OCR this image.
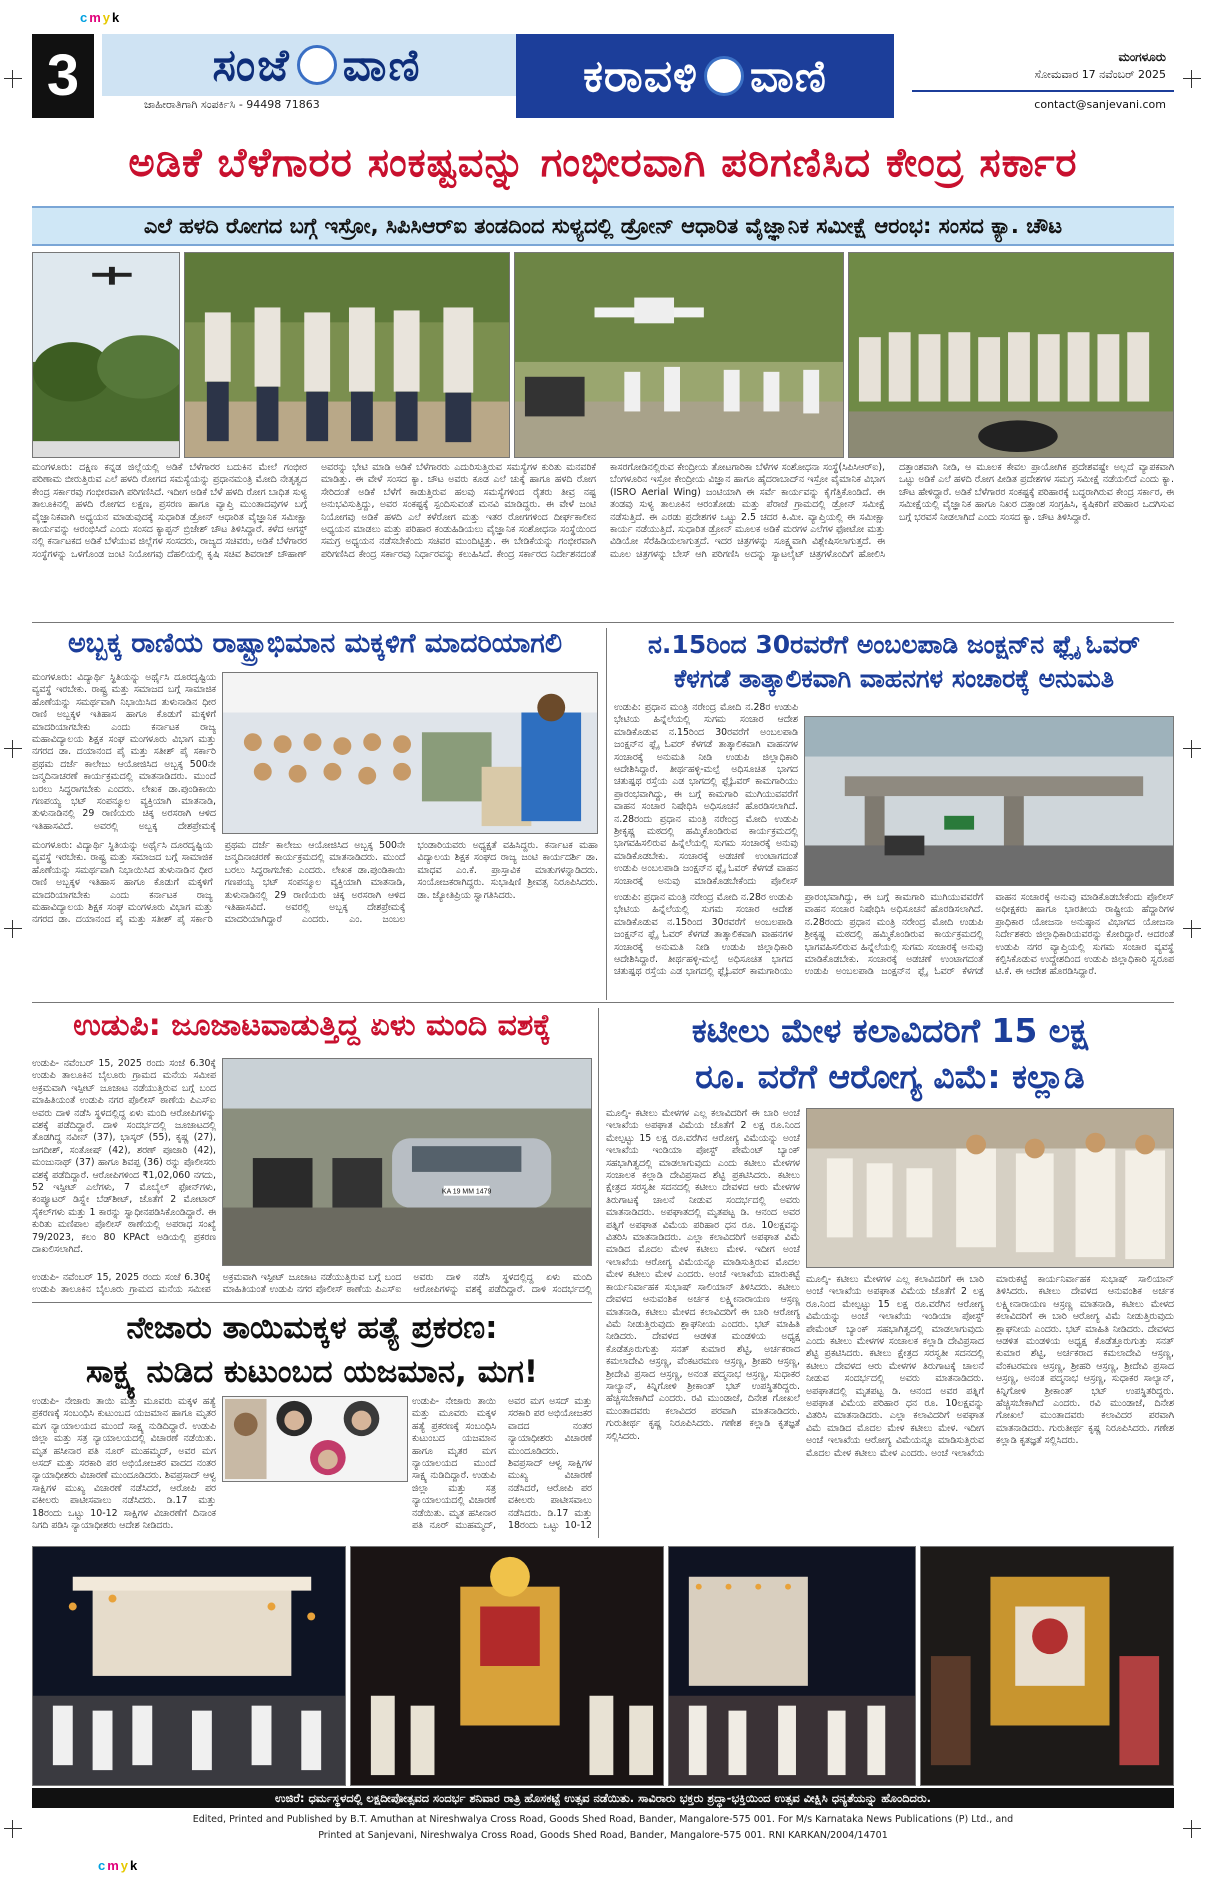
cmyk
cmyk
3	ಸಂಜೆ ವಾಣಿ
ಜಾಹೀರಾತಿಗಾಗಿ ಸಂಪರ್ಕಿಸಿ - 94498 71863
ಕರಾವಳಿ ವಾಣಿ	ಮಂಗಳೂರು
ಸೋಮವಾರ 17 ನವೆಂಬರ್ 2025
contact@sanjevani.com
ಅಡಿಕೆ ಬೆಳೆಗಾರರ ಸಂಕಷ್ಟವನ್ನು ಗಂಭೀರವಾಗಿ ಪರಿಗಣಿಸಿದ ಕೇಂದ್ರ ಸರ್ಕಾರ
ಎಲೆ ಹಳದಿ ರೋಗದ ಬಗ್ಗೆ ಇಸ್ರೋ, ಸಿಪಿಸಿಆರ್‌ಐ ತಂಡದಿಂದ ಸುಳ್ಯದಲ್ಲಿ ಡ್ರೋನ್ ಆಧಾರಿತ ವೈಜ್ಞಾನಿಕ ಸಮೀಕ್ಷೆ ಆರಂಭ: ಸಂಸದ ಕ್ಯಾ. ಚೌಟ
ಮಂಗಳೂರು: ದಕ್ಷಿಣ ಕನ್ನಡ ಜಿಲ್ಲೆಯಲ್ಲಿ ಅಡಿಕೆ ಬೆಳೆಗಾರರ ಬದುಕಿನ ಮೇಲೆ ಗಂಭೀರ ಪರಿಣಾಮ ಬೀರುತ್ತಿರುವ ಎಲೆ ಹಳದಿ ರೋಗದ ಸಮಸ್ಯೆಯನ್ನು ಪ್ರಧಾನಮಂತ್ರಿ ಮೋದಿ ನೇತೃತ್ವದ ಕೇಂದ್ರ ಸರ್ಕಾರವು ಗಂಭೀರವಾಗಿ ಪರಿಗಣಿಸಿದೆ. ಇದೀಗ ಅಡಿಕೆ ಬೆಳೆ ಹಳದಿ ರೋಗ ಬಾಧಿತ ಸುಳ್ಯ ತಾಲೂಕಿನಲ್ಲಿ ಹಳದಿ ರೋಗದ ಲಕ್ಷಣ, ಪ್ರಸರಣ ಹಾಗೂ ವ್ಯಾಪ್ತಿ ಮುಂತಾದವುಗಳ ಬಗ್ಗೆ ವೈಜ್ಞಾನಿಕವಾಗಿ ಅಧ್ಯಯನ ಮಾಡುವುದಕ್ಕೆ ಸುಧಾರಿತ ಡ್ರೋನ್ ಆಧಾರಿತ ವೈಜ್ಞಾನಿಕ ಸಮೀಕ್ಷಾ ಕಾರ್ಯವನ್ನು ಆರಂಭಿಸಿದೆ ಎಂದು ಸಂಸದ ಕ್ಯಾಪ್ಟನ್ ಬ್ರಿಜೇಶ್ ಚೌಟ ತಿಳಿಸಿದ್ದಾರೆ. ಕಳೆದ ಆಗಸ್ಟ್ ನಲ್ಲಿ ಕರ್ನಾಟಕದ ಅಡಿಕೆ ಬೆಳೆಯುವ ಜಿಲ್ಲೆಗಳ ಸಂಸದರು, ರಾಜ್ಯದ ಸಚಿವರು, ಅಡಿಕೆ ಬೆಳೆಗಾರರ ಸಂಸ್ಥೆಗಳನ್ನು ಒಳಗೊಂಡ ಜಂಟಿ ನಿಯೋಗವು ದೆಹಲಿಯಲ್ಲಿ ಕೃಷಿ ಸಚಿವ ಶಿವರಾಜ್ ಚೌಹಾಣ್ ಅವರನ್ನು ಭೇಟಿ ಮಾಡಿ ಅಡಿಕೆ ಬೆಳೆಗಾರರು ಎದುರಿಸುತ್ತಿರುವ ಸಮಸ್ಯೆಗಳ ಕುರಿತು ಮನವರಿಕೆ ಮಾಡಿತ್ತು. ಈ ವೇಳೆ ಸಂಸದ ಕ್ಯಾ. ಚೌಟ ಅವರು ಕೂಡ ಎಲೆ ಚುಕ್ಕೆ ಹಾಗೂ ಹಳದಿ ರೋಗ ಸೇರಿದಂತೆ ಅಡಿಕೆ ಬೆಳೆಗೆ ಕಾಡುತ್ತಿರುವ ಹಲವು ಸಮಸ್ಯೆಗಳಿಂದ ರೈತರು ತೀವ್ರ ನಷ್ಟ ಅನುಭವಿಸುತ್ತಿದ್ದು, ಅವರ ಸಂಕಷ್ಟಕ್ಕೆ ಸ್ಪಂದಿಸುವಂತೆ ಮನವಿ ಮಾಡಿದ್ದರು. ಈ ವೇಳೆ ಜಂಟಿ ನಿಯೋಗವು ಅಡಿಕೆ ಹಳದಿ ಎಲೆ ಕಳೆರೋಗ ಮತ್ತು ಇತರ ರೋಗಗಳಿಂದ ದೀರ್ಘಕಾಲೀನ ಅಧ್ಯಯನ ಮಾಡಲು ಮತ್ತು ಪರಿಹಾರ ಕಂಡುಹಿಡಿಯಲು ವೈಜ್ಞಾನಿಕ ಸಂಶೋಧನಾ ಸಂಸ್ಥೆಯಿಂದ ಸಮಗ್ರ ಅಧ್ಯಯನ ನಡೆಸಬೇಕೆಂದು ಸಚಿವರ ಮುಂದಿಟ್ಟಿತ್ತು. ಈ ಬೇಡಿಕೆಯನ್ನು ಗಂಭೀರವಾಗಿ ಪರಿಗಣಿಸಿದ ಕೇಂದ್ರ ಸರ್ಕಾರವು ನಿರ್ಧಾರವನ್ನು ಕಲುಹಿಸಿದೆ. ಕೇಂದ್ರ ಸರ್ಕಾರದ ನಿರ್ದೇಶನದಂತೆ ಕಾಸರಗೋಡಿನಲ್ಲಿರುವ ಕೇಂದ್ರೀಯ ತೋಟಗಾರಿಕಾ ಬೆಳೆಗಳ ಸಂಶೋಧನಾ ಸಂಸ್ಥೆ(ಸಿಪಿಸಿಆರ್‌ಐ), ಬೆಂಗಳೂರಿನ ಇಸ್ರೋ ಕೇಂದ್ರೀಯ ವಿಜ್ಞಾನ ಹಾಗೂ ಹೈದರಾಬಾದ್‌ನ ಇಸ್ರೋ ವೈಮಾನಿಕ ವಿಭಾಗ (ISRO Aerial Wing) ಜಂಟಿಯಾಗಿ ಈ ಸರ್ವೆ ಕಾರ್ಯವನ್ನು ಕೈಗೆತ್ತಿಕೊಂಡಿದೆ. ಈ ತಂಡವು ಸುಳ್ಯ ತಾಲೂಕಿನ ಆರಂತೋಡು ಮತ್ತು ಪೆರಾಜೆ ಗ್ರಾಮದಲ್ಲಿ ಡ್ರೋನ್ ಸಮೀಕ್ಷೆ ನಡೆಸುತ್ತಿದೆ. ಈ ಎರಡು ಪ್ರದೇಶಗಳ ಒಟ್ಟು 2.5 ಚದರ ಕಿ.ಮೀ. ವ್ಯಾಪ್ತಿಯಲ್ಲಿ ಈ ಸಮೀಕ್ಷಾ ಕಾರ್ಯ ನಡೆಯುತ್ತಿದೆ. ಸುಧಾರಿತ ಡ್ರೋನ್ ಮೂಲಕ ಅಡಿಕೆ ಮರಗಳ ಎಲೆಗಳ ಫೋಟೋ ಮತ್ತು ವಿಡಿಯೋ ಸೆರೆಹಿಡಿಯಲಾಗುತ್ತದೆ. ಇದರ ಚಿತ್ರಗಳನ್ನು ಸೂಕ್ಷ್ಮವಾಗಿ ವಿಶ್ಲೇಷಿಸಲಾಗುತ್ತದೆ. ಈ ಮೂಲ ಚಿತ್ರಗಳನ್ನು ಬೇಸ್ ಆಗಿ ಪರಿಗಣಿಸಿ ಅದನ್ನು ಸ್ಯಾಟಲೈಟ್ ಚಿತ್ರಗಳೊಂದಿಗೆ ಹೋಲಿಸಿ ದತ್ತಾಂಶವಾಗಿ ನೀಡಿ, ಆ ಮೂಲಕ ಕೇವಲ ಪ್ರಾಯೋಗಿಕ ಪ್ರದೇಶವಷ್ಟೇ ಅಲ್ಲದೆ ವ್ಯಾಪಕವಾಗಿ ಒಟ್ಟು ಅಡಿಕೆ ಎಲೆ ಹಳದಿ ರೋಗ ಪೀಡಿತ ಪ್ರದೇಶಗಳ ಸಮಗ್ರ ಸಮೀಕ್ಷೆ ನಡೆಯಲಿದೆ ಎಂದು ಕ್ಯಾ. ಚೌಟ ಹೇಳಿದ್ದಾರೆ. ಅಡಿಕೆ ಬೆಳೆಗಾರರ ಸಂಕಷ್ಟಕ್ಕೆ ಪರಿಹಾರಕ್ಕೆ ಬದ್ಧರಾಗಿರುವ ಕೇಂದ್ರ ಸರ್ಕಾರ, ಈ ಸಮೀಕ್ಷೆಯಲ್ಲಿ ವೈಜ್ಞಾನಿಕ ಹಾಗೂ ನಿಖರ ದತ್ತಾಂಶ ಸಂಗ್ರಹಿಸಿ, ಕೃಷಿಕರಿಗೆ ಪರಿಹಾರ ಒದಗಿಸುವ ಬಗ್ಗೆ ಭರವಸೆ ನೀಡಲಾಗಿದೆ ಎಂದು ಸಂಸದ ಕ್ಯಾ. ಚೌಟ ತಿಳಿಸಿದ್ದಾರೆ.
ಅಬ್ಬಕ್ಕ ರಾಣಿಯ ರಾಷ್ಟ್ರಾಭಿಮಾನ ಮಕ್ಕಳಿಗೆ ಮಾದರಿಯಾಗಲಿ
ಮಂಗಳೂರು: ವಿದ್ಯಾರ್ಥಿ ಸ್ಥಿತಿಯನ್ನು ಅರ್ಥೈಸಿ ದೂರದೃಷ್ಟಿಯ ವ್ಯವಸ್ಥೆ ಇರಬೇಕು. ರಾಷ್ಟ್ರ ಮತ್ತು ಸಮಾಜದ ಬಗ್ಗೆ ಸಾಮಾಜಿಕ ಹೊಣೆಯನ್ನು ಸಮರ್ಥವಾಗಿ ನಿಭಾಯಿಸಿದ ತುಳುನಾಡಿನ ಧೀರ ರಾಣಿ ಅಬ್ಬಕ್ಕಳ ಇತಿಹಾಸ ಹಾಗೂ ಕೊಡುಗೆ ಮಕ್ಕಳಿಗೆ ಮಾದರಿಯಾಗಬೇಕು ಎಂದು ಕರ್ನಾಟಕ ರಾಜ್ಯ ಮಹಾವಿದ್ಯಾಲಯ ಶಿಕ್ಷಕ ಸಂಘ ಮಂಗಳೂರು ವಿಭಾಗ ಮತ್ತು ನಗರದ ಡಾ. ದಯಾನಂದ ಪೈ ಮತ್ತು ಸತೀಶ್ ಪೈ ಸರ್ಕಾರಿ ಪ್ರಥಮ ದರ್ಜೆ ಕಾಲೇಜು ಆಯೋಜಿಸಿದ ಅಬ್ಬಕ್ಕ 500ನೇ ಜನ್ಮದಿನಾಚರಣೆ ಕಾರ್ಯಕ್ರಮದಲ್ಲಿ ಮಾತನಾಡಿದರು. ಮುಂದೆ ಬರಲು ಸಿದ್ಧರಾಗಬೇಕು ಎಂದರು. ಲೇಖಕ ಡಾ.ಪುಂಡಿಕಾಯಿ ಗಣಪಯ್ಯ ಭಟ್ ಸಂಪನ್ಮೂಲ ವ್ಯಕ್ತಿಯಾಗಿ ಮಾತನಾಡಿ, ತುಳುನಾಡಿನಲ್ಲಿ 29 ರಾಣಿಯರು ಚಿಕ್ಕ ಅರಸರಾಗಿ ಆಳಿದ ಇತಿಹಾಸವಿದೆ. ಅವರಲ್ಲಿ ಅಬ್ಬಕ್ಕ ದೇಶಪ್ರೇಮಕ್ಕೆ
ಮಂಗಳೂರು: ವಿದ್ಯಾರ್ಥಿ ಸ್ಥಿತಿಯನ್ನು ಅರ್ಥೈಸಿ ದೂರದೃಷ್ಟಿಯ ವ್ಯವಸ್ಥೆ ಇರಬೇಕು. ರಾಷ್ಟ್ರ ಮತ್ತು ಸಮಾಜದ ಬಗ್ಗೆ ಸಾಮಾಜಿಕ ಹೊಣೆಯನ್ನು ಸಮರ್ಥವಾಗಿ ನಿಭಾಯಿಸಿದ ತುಳುನಾಡಿನ ಧೀರ ರಾಣಿ ಅಬ್ಬಕ್ಕಳ ಇತಿಹಾಸ ಹಾಗೂ ಕೊಡುಗೆ ಮಕ್ಕಳಿಗೆ ಮಾದರಿಯಾಗಬೇಕು ಎಂದು ಕರ್ನಾಟಕ ರಾಜ್ಯ ಮಹಾವಿದ್ಯಾಲಯ ಶಿಕ್ಷಕ ಸಂಘ ಮಂಗಳೂರು ವಿಭಾಗ ಮತ್ತು ನಗರದ ಡಾ. ದಯಾನಂದ ಪೈ ಮತ್ತು ಸತೀಶ್ ಪೈ ಸರ್ಕಾರಿ ಪ್ರಥಮ ದರ್ಜೆ ಕಾಲೇಜು ಆಯೋಜಿಸಿದ ಅಬ್ಬಕ್ಕ 500ನೇ ಜನ್ಮದಿನಾಚರಣೆ ಕಾರ್ಯಕ್ರಮದಲ್ಲಿ ಮಾತನಾಡಿದರು. ಮುಂದೆ ಬರಲು ಸಿದ್ಧರಾಗಬೇಕು ಎಂದರು. ಲೇಖಕ ಡಾ.ಪುಂಡಿಕಾಯಿ ಗಣಪಯ್ಯ ಭಟ್ ಸಂಪನ್ಮೂಲ ವ್ಯಕ್ತಿಯಾಗಿ ಮಾತನಾಡಿ, ತುಳುನಾಡಿನಲ್ಲಿ 29 ರಾಣಿಯರು ಚಿಕ್ಕ ಅರಸರಾಗಿ ಆಳಿದ ಇತಿಹಾಸವಿದೆ. ಅವರಲ್ಲಿ ಅಬ್ಬಕ್ಕ ದೇಶಪ್ರೇಮಕ್ಕೆ ಮಾದರಿಯಾಗಿದ್ದಾರೆ ಎಂದರು. ಎಂ. ಜಂಬಲ ಭಂಡಾರಿಯವರು ಅಧ್ಯಕ್ಷತೆ ವಹಿಸಿದ್ದರು. ಕರ್ನಾಟಕ ಮಹಾ ವಿದ್ಯಾಲಯ ಶಿಕ್ಷಕ ಸಂಘದ ರಾಜ್ಯ ಜಂಟಿ ಕಾರ್ಯದರ್ಶಿ ಡಾ. ಮಾಧವ ಎಂ.ಕೆ. ಪ್ರಾಸ್ತಾವಿಕ ಮಾತುಗಳನ್ನಾಡಿದರು. ಸಂಯೋಜಕರಾಗಿದ್ದರು. ಸುಭಾಷಿಣಿ ಶ್ರೀವತ್ಸ ನಿರೂಪಿಸಿದರು. ಡಾ. ಜ್ಯೋತಿಪ್ರಿಯ ಸ್ವಾಗತಿಸಿದರು.
ನ.15ರಿಂದ 30ರವರೆಗೆ ಅಂಬಲಪಾಡಿ ಜಂಕ್ಷನ್‌ನ ಫ್ಲೈ ಓವರ್
ಕೆಳಗಡೆ ತಾತ್ಕಾಲಿಕವಾಗಿ ವಾಹನಗಳ ಸಂಚಾರಕ್ಕೆ ಅನುಮತಿ
ಉಡುಪಿ: ಪ್ರಧಾನ ಮಂತ್ರಿ ನರೇಂದ್ರ ಮೋದಿ ನ.28ರ ಉಡುಪಿ ಭೇಟಿಯ ಹಿನ್ನೆಲೆಯಲ್ಲಿ ಸುಗಮ ಸಂಚಾರ ಆದೇಶ ಮಾಡಿಕೊಡುವ ನ.15ರಿಂದ 30ರವರೆಗೆ ಅಂಬಲಪಾಡಿ ಜಂಕ್ಷನ್‌ನ ಫ್ಲೈ ಓವರ್ ಕೆಳಗಡೆ ತಾತ್ಕಾಲಿಕವಾಗಿ ವಾಹನಗಳ ಸಂಚಾರಕ್ಕೆ ಅನುಮತಿ ನೀಡಿ ಉಡುಪಿ ಜಿಲ್ಲಾಧಿಕಾರಿ ಆದೇಶಿಸಿದ್ದಾರೆ. ತೀರ್ಥಹಳ್ಳಿ-ಮಲ್ಪೆ ಅಧಿಸೂಚಿತ ಭಾಗದ ಚತುಷ್ಪಥ ರಸ್ತೆಯ ಎಡ ಭಾಗದಲ್ಲಿ ಫ್ಲೈಓವರ್ ಕಾಮಗಾರಿಯು ಪ್ರಾರಂಭವಾಗಿದ್ದು, ಈ ಬಗ್ಗೆ ಕಾಮಗಾರಿ ಮುಗಿಯುವವರೆಗೆ ವಾಹನ ಸಂಚಾರ ನಿಷೇಧಿಸಿ ಅಧಿಸೂಚನೆ ಹೊರಡಿಸಲಾಗಿದೆ. ನ.28ರಂದು ಪ್ರಧಾನ ಮಂತ್ರಿ ನರೇಂದ್ರ ಮೋದಿ ಉಡುಪಿ ಶ್ರೀಕೃಷ್ಣ ಮಠದಲ್ಲಿ ಹಮ್ಮಿಕೊಂಡಿರುವ ಕಾರ್ಯಕ್ರಮದಲ್ಲಿ ಭಾಗವಹಿಸಲಿರುವ ಹಿನ್ನೆಲೆಯಲ್ಲಿ ಸುಗಮ ಸಂಚಾರಕ್ಕೆ ಅನುವು ಮಾಡಿಕೊಡಬೇಕು. ಸಂಚಾರಕ್ಕೆ ಅಡಚಣೆ ಉಂಟಾಗದಂತೆ ಉಡುಪಿ ಅಂಬಲಪಾಡಿ ಜಂಕ್ಷನ್‌ನ ಫ್ಲೈ ಓವರ್ ಕೆಳಗಡೆ ವಾಹನ ಸಂಚಾರಕ್ಕೆ ಅನುವು ಮಾಡಿಕೊಡಬೇಕೆಂದು ಪೊಲೀಸ್
ಉಡುಪಿ: ಪ್ರಧಾನ ಮಂತ್ರಿ ನರೇಂದ್ರ ಮೋದಿ ನ.28ರ ಉಡುಪಿ ಭೇಟಿಯ ಹಿನ್ನೆಲೆಯಲ್ಲಿ ಸುಗಮ ಸಂಚಾರ ಆದೇಶ ಮಾಡಿಕೊಡುವ ನ.15ರಿಂದ 30ರವರೆಗೆ ಅಂಬಲಪಾಡಿ ಜಂಕ್ಷನ್‌ನ ಫ್ಲೈ ಓವರ್ ಕೆಳಗಡೆ ತಾತ್ಕಾಲಿಕವಾಗಿ ವಾಹನಗಳ ಸಂಚಾರಕ್ಕೆ ಅನುಮತಿ ನೀಡಿ ಉಡುಪಿ ಜಿಲ್ಲಾಧಿಕಾರಿ ಆದೇಶಿಸಿದ್ದಾರೆ. ತೀರ್ಥಹಳ್ಳಿ-ಮಲ್ಪೆ ಅಧಿಸೂಚಿತ ಭಾಗದ ಚತುಷ್ಪಥ ರಸ್ತೆಯ ಎಡ ಭಾಗದಲ್ಲಿ ಫ್ಲೈಓವರ್ ಕಾಮಗಾರಿಯು ಪ್ರಾರಂಭವಾಗಿದ್ದು, ಈ ಬಗ್ಗೆ ಕಾಮಗಾರಿ ಮುಗಿಯುವವರೆಗೆ ವಾಹನ ಸಂಚಾರ ನಿಷೇಧಿಸಿ ಅಧಿಸೂಚನೆ ಹೊರಡಿಸಲಾಗಿದೆ. ನ.28ರಂದು ಪ್ರಧಾನ ಮಂತ್ರಿ ನರೇಂದ್ರ ಮೋದಿ ಉಡುಪಿ ಶ್ರೀಕೃಷ್ಣ ಮಠದಲ್ಲಿ ಹಮ್ಮಿಕೊಂಡಿರುವ ಕಾರ್ಯಕ್ರಮದಲ್ಲಿ ಭಾಗವಹಿಸಲಿರುವ ಹಿನ್ನೆಲೆಯಲ್ಲಿ ಸುಗಮ ಸಂಚಾರಕ್ಕೆ ಅನುವು ಮಾಡಿಕೊಡಬೇಕು. ಸಂಚಾರಕ್ಕೆ ಅಡಚಣೆ ಉಂಟಾಗದಂತೆ ಉಡುಪಿ ಅಂಬಲಪಾಡಿ ಜಂಕ್ಷನ್‌ನ ಫ್ಲೈ ಓವರ್ ಕೆಳಗಡೆ ವಾಹನ ಸಂಚಾರಕ್ಕೆ ಅನುವು ಮಾಡಿಕೊಡಬೇಕೆಂದು ಪೊಲೀಸ್ ಅಧೀಕ್ಷಕರು ಹಾಗೂ ಭಾರತೀಯ ರಾಷ್ಟ್ರೀಯ ಹೆದ್ದಾರಿಗಳ ಪ್ರಾಧಿಕಾರ ಯೋಜನಾ ಅನುಷ್ಠಾನ ವಿಭಾಗದ ಯೋಜನಾ ನಿರ್ದೇಶಕರು ಜಿಲ್ಲಾಧಿಕಾರಿಯವರನ್ನು ಕೋರಿದ್ದಾರೆ. ಆದರಂತೆ ಉಡುಪಿ ನಗರ ವ್ಯಾಪ್ತಿಯಲ್ಲಿ ಸುಗಮ ಸಂಚಾರ ವ್ಯವಸ್ಥೆ ಕಲ್ಪಿಸಿಕೊಡುವ ಉದ್ದೇಶದಿಂದ ಉಡುಪಿ ಜಿಲ್ಲಾಧಿಕಾರಿ ಸ್ವರೂಪ ಟಿ.ಕೆ. ಈ ಆದೇಶ ಹೊರಡಿಸಿದ್ದಾರೆ.
ಉಡುಪಿ: ಜೂಜಾಟವಾಡುತ್ತಿದ್ದ ಏಳು ಮಂದಿ ವಶಕ್ಕೆ
ಉಡುಪಿ- ನವೆಂಬರ್ 15, 2025 ರಂದು ಸಂಜೆ 6.30ಕ್ಕೆ ಉಡುಪಿ ತಾಲೂಕಿನ ಬೈಲೂರು ಗ್ರಾಮದ ಮನೆಯ ಸಮೀಪ ಅಕ್ರಮವಾಗಿ ಇಸ್ಪೀಟ್ ಜೂಜಾಟ ನಡೆಯುತ್ತಿರುವ ಬಗ್ಗೆ ಬಂದ ಮಾಹಿತಿಯಂತೆ ಉಡುಪಿ ನಗರ ಪೊಲೀಸ್ ಠಾಣೆಯ ಪಿಎಸ್‌ಐ ಅವರು ದಾಳಿ ನಡೆಸಿ ಸ್ಥಳದಲ್ಲಿದ್ದ ಏಳು ಮಂದಿ ಆರೋಪಿಗಳನ್ನು ವಶಕ್ಕೆ ಪಡೆದಿದ್ದಾರೆ. ದಾಳಿ ಸಂದರ್ಭದಲ್ಲಿ ಜೂಜಾಟದಲ್ಲಿ ತೊಡಗಿದ್ದ ನವೀನ್ (37), ಭಾಸ್ಕರ್ (55), ಕೃಷ್ಣ (27), ಜಗದೀಶ್, ಸಂತೋಷ್ (42), ಶರಣ್ ಪೂಜಾರಿ (42), ಮಂಜುನಾಥ್ (37) ಹಾಗೂ ಶಿವಪ್ಪ (36) ರನ್ನು ಪೊಲೀಸರು ವಶಕ್ಕೆ ಪಡೆದಿದ್ದಾರೆ. ಆರೋಪಿಗಳಿಂದ ₹1,02,060 ನಗದು, 52 ಇಸ್ಪೀಟ್ ಎಲೆಗಳು, 7 ಮೊಬೈಲ್ ಫೋನ್‌ಗಳು, ಕಂಪ್ಯೂಟರ್ ಡಿಸ್ಪ್ಲೇ ಬೆಡ್‌ಶೀಟ್, ಜೊತೆಗೆ 2 ಮೋಟಾರ್ ಸೈಕಲ್‌ಗಳು ಮತ್ತು 1 ಕಾರನ್ನು ಸ್ವಾಧೀನಪಡಿಸಿಕೊಂಡಿದ್ದಾರೆ. ಈ ಕುರಿತು ಮಣಿಪಾಲ ಪೊಲೀಸ್ ಠಾಣೆಯಲ್ಲಿ ಅಪರಾಧ ಸಂಖ್ಯೆ 79/2023, ಕಲಂ 80 KPAct ಅಡಿಯಲ್ಲಿ ಪ್ರಕರಣ ದಾಖಲಿಸಲಾಗಿದೆ.
KA 19 MM 1479
ಉಡುಪಿ- ನವೆಂಬರ್ 15, 2025 ರಂದು ಸಂಜೆ 6.30ಕ್ಕೆ ಉಡುಪಿ ತಾಲೂಕಿನ ಬೈಲೂರು ಗ್ರಾಮದ ಮನೆಯ ಸಮೀಪ ಅಕ್ರಮವಾಗಿ ಇಸ್ಪೀಟ್ ಜೂಜಾಟ ನಡೆಯುತ್ತಿರುವ ಬಗ್ಗೆ ಬಂದ ಮಾಹಿತಿಯಂತೆ ಉಡುಪಿ ನಗರ ಪೊಲೀಸ್ ಠಾಣೆಯ ಪಿಎಸ್‌ಐ ಅವರು ದಾಳಿ ನಡೆಸಿ ಸ್ಥಳದಲ್ಲಿದ್ದ ಏಳು ಮಂದಿ ಆರೋಪಿಗಳನ್ನು ವಶಕ್ಕೆ ಪಡೆದಿದ್ದಾರೆ. ದಾಳಿ ಸಂದರ್ಭದಲ್ಲಿ
ಕಟೀಲು ಮೇಳ ಕಲಾವಿದರಿಗೆ 15 ಲಕ್ಷ
ರೂ. ವರೆಗೆ ಆರೋಗ್ಯ ವಿಮೆ: ಕಲ್ಲಾಡಿ
ಮೂಲ್ಕಿ- ಕಟೀಲು ಮೇಳಗಳ ಎಲ್ಲ ಕಲಾವಿದರಿಗೆ ಈ ಬಾರಿ ಅಂಚೆ ಇಲಾಖೆಯ ಅಪಘಾತ ವಿಮೆಯ ಜೊತೆಗೆ 2 ಲಕ್ಷ ರೂ.ನಿಂದ ಮೇಲ್ಪಟ್ಟು 15 ಲಕ್ಷ ರೂ.ವರೆಗಿನ ಆರೋಗ್ಯ ವಿಮೆಯನ್ನು ಅಂಚೆ ಇಲಾಖೆಯ ಇಂಡಿಯಾ ಪೋಸ್ಟ್ ಪೇಮೆಂಟ್ ಬ್ಯಾಂಕ್ ಸಹಭಾಗಿತ್ವದಲ್ಲಿ ಮಾಡಲಾಗುವುದು ಎಂದು ಕಟೀಲು ಮೇಳಗಳ ಸಂಚಾಲಕ ಕಲ್ಲಾಡಿ ದೇವಿಪ್ರಸಾದ ಶೆಟ್ಟಿ ಪ್ರಕಟಿಸಿದರು. ಕಟೀಲು ಕ್ಷೇತ್ರದ ಸರಸ್ವತೀ ಸದನದಲ್ಲಿ ಕಟೀಲು ದೇವಳದ ಆರು ಮೇಳಗಳ ತಿರುಗಾಟಕ್ಕೆ ಚಾಲನೆ ನೀಡುವ ಸಂದರ್ಭದಲ್ಲಿ ಅವರು ಮಾತನಾಡಿದರು. ಅಪಘಾತದಲ್ಲಿ ಮೃತಪಟ್ಟ ಡಿ. ಆನಂದ ಅವರ ಪತ್ನಿಗೆ ಅಪಘಾತ ವಿಮೆಯ ಪರಿಹಾರ ಧನ ರೂ. 10ಲಕ್ಷವನ್ನು ವಿತರಿಸಿ ಮಾತನಾಡಿದರು. ಎಲ್ಲಾ ಕಲಾವಿದರಿಗೆ ಅಪಘಾತ ವಿಮೆ ಮಾಡಿದ ಮೊದಲ ಮೇಳ ಕಟೀಲು ಮೇಳ. ಇದೀಗ ಅಂಚೆ ಇಲಾಖೆಯ ಆರೋಗ್ಯ ವಿಮೆಯನ್ನೂ ಮಾಡಿಸುತ್ತಿರುವ ಮೊದಲ ಮೇಳ ಕಟೀಲು ಮೇಳ ಎಂದರು. ಅಂಚೆ ಇಲಾಖೆಯ ಮಾರುಕಟ್ಟೆ ಕಾರ್ಯನಿರ್ವಾಹಕ ಸುಭಾಷ್ ಸಾಲಿಯಾನ್ ತಿಳಿಸಿದರು. ಕಟೀಲು ದೇವಳದ ಆನುವಂಶಿಕ ಅರ್ಚಕ ಲಕ್ಷ್ಮೀನಾರಾಯಣ ಆಸ್ರಣ್ಣ ಮಾತನಾಡಿ, ಕಟೀಲು ಮೇಳದ ಕಲಾವಿದರಿಗೆ ಈ ಬಾರಿ ಆರೋಗ್ಯ ವಿಮೆ ನೀಡುತ್ತಿರುವುದು ಶ್ಲಾಘನೀಯ ಎಂದರು. ಭಟ್ ಮಾಹಿತಿ ನೀಡಿದರು. ದೇವಳದ ಆಡಳಿತ ಮಂಡಳಿಯ ಅಧ್ಯಕ್ಷ ಕೊಡೆತ್ತೂರುಗುತ್ತು ಸನತ್ ಕುಮಾರ ಶೆಟ್ಟಿ, ಅರ್ಚಕರಾದ ಕಮಲಾದೇವಿ ಆಸ್ರಣ್ಣ, ವೆಂಕಟರಮಣ ಆಸ್ರಣ್ಣ, ಶ್ರೀಹರಿ ಆಸ್ರಣ್ಣ, ಶ್ರೀದೇವಿ ಪ್ರಸಾದ ಆಸ್ರಣ್ಣ, ಅನಂತ ಪದ್ಮನಾಭ ಆಸ್ರಣ್ಣ, ಸುಧಾಕರ ಸಾಲ್ಯಾನ್, ಕಿನ್ನಿಗೋಳಿ ಶ್ರೀಕಾಂತ್ ಭಟ್ ಉಪಸ್ಥಿತರಿದ್ದರು. ಹೆಚ್ಚಿಸಬೇಕಾಗಿದೆ ಎಂದರು. ರವಿ ಮುಂಡಾಜೆ, ದಿನೇಶ ಗೋಖಲೆ ಮುಂತಾದವರು ಕಲಾವಿದರ ಪರವಾಗಿ ಮಾತನಾಡಿದರು. ಗುರುತೀರ್ಥ ಕೃಷ್ಣ ನಿರೂಪಿಸಿದರು. ಗಣೇಶ ಕಲ್ಲಾಡಿ ಕೃತಜ್ಞತೆ ಸಲ್ಲಿಸಿದರು.
ಮೂಲ್ಕಿ- ಕಟೀಲು ಮೇಳಗಳ ಎಲ್ಲ ಕಲಾವಿದರಿಗೆ ಈ ಬಾರಿ ಅಂಚೆ ಇಲಾಖೆಯ ಅಪಘಾತ ವಿಮೆಯ ಜೊತೆಗೆ 2 ಲಕ್ಷ ರೂ.ನಿಂದ ಮೇಲ್ಪಟ್ಟು 15 ಲಕ್ಷ ರೂ.ವರೆಗಿನ ಆರೋಗ್ಯ ವಿಮೆಯನ್ನು ಅಂಚೆ ಇಲಾಖೆಯ ಇಂಡಿಯಾ ಪೋಸ್ಟ್ ಪೇಮೆಂಟ್ ಬ್ಯಾಂಕ್ ಸಹಭಾಗಿತ್ವದಲ್ಲಿ ಮಾಡಲಾಗುವುದು ಎಂದು ಕಟೀಲು ಮೇಳಗಳ ಸಂಚಾಲಕ ಕಲ್ಲಾಡಿ ದೇವಿಪ್ರಸಾದ ಶೆಟ್ಟಿ ಪ್ರಕಟಿಸಿದರು. ಕಟೀಲು ಕ್ಷೇತ್ರದ ಸರಸ್ವತೀ ಸದನದಲ್ಲಿ ಕಟೀಲು ದೇವಳದ ಆರು ಮೇಳಗಳ ತಿರುಗಾಟಕ್ಕೆ ಚಾಲನೆ ನೀಡುವ ಸಂದರ್ಭದಲ್ಲಿ ಅವರು ಮಾತನಾಡಿದರು. ಅಪಘಾತದಲ್ಲಿ ಮೃತಪಟ್ಟ ಡಿ. ಆನಂದ ಅವರ ಪತ್ನಿಗೆ ಅಪಘಾತ ವಿಮೆಯ ಪರಿಹಾರ ಧನ ರೂ. 10ಲಕ್ಷವನ್ನು ವಿತರಿಸಿ ಮಾತನಾಡಿದರು. ಎಲ್ಲಾ ಕಲಾವಿದರಿಗೆ ಅಪಘಾತ ವಿಮೆ ಮಾಡಿದ ಮೊದಲ ಮೇಳ ಕಟೀಲು ಮೇಳ. ಇದೀಗ ಅಂಚೆ ಇಲಾಖೆಯ ಆರೋಗ್ಯ ವಿಮೆಯನ್ನೂ ಮಾಡಿಸುತ್ತಿರುವ ಮೊದಲ ಮೇಳ ಕಟೀಲು ಮೇಳ ಎಂದರು. ಅಂಚೆ ಇಲಾಖೆಯ ಮಾರುಕಟ್ಟೆ ಕಾರ್ಯನಿರ್ವಾಹಕ ಸುಭಾಷ್ ಸಾಲಿಯಾನ್ ತಿಳಿಸಿದರು. ಕಟೀಲು ದೇವಳದ ಆನುವಂಶಿಕ ಅರ್ಚಕ ಲಕ್ಷ್ಮೀನಾರಾಯಣ ಆಸ್ರಣ್ಣ ಮಾತನಾಡಿ, ಕಟೀಲು ಮೇಳದ ಕಲಾವಿದರಿಗೆ ಈ ಬಾರಿ ಆರೋಗ್ಯ ವಿಮೆ ನೀಡುತ್ತಿರುವುದು ಶ್ಲಾಘನೀಯ ಎಂದರು. ಭಟ್ ಮಾಹಿತಿ ನೀಡಿದರು. ದೇವಳದ ಆಡಳಿತ ಮಂಡಳಿಯ ಅಧ್ಯಕ್ಷ ಕೊಡೆತ್ತೂರುಗುತ್ತು ಸನತ್ ಕುಮಾರ ಶೆಟ್ಟಿ, ಅರ್ಚಕರಾದ ಕಮಲಾದೇವಿ ಆಸ್ರಣ್ಣ, ವೆಂಕಟರಮಣ ಆಸ್ರಣ್ಣ, ಶ್ರೀಹರಿ ಆಸ್ರಣ್ಣ, ಶ್ರೀದೇವಿ ಪ್ರಸಾದ ಆಸ್ರಣ್ಣ, ಅನಂತ ಪದ್ಮನಾಭ ಆಸ್ರಣ್ಣ, ಸುಧಾಕರ ಸಾಲ್ಯಾನ್, ಕಿನ್ನಿಗೋಳಿ ಶ್ರೀಕಾಂತ್ ಭಟ್ ಉಪಸ್ಥಿತರಿದ್ದರು. ಹೆಚ್ಚಿಸಬೇಕಾಗಿದೆ ಎಂದರು. ರವಿ ಮುಂಡಾಜೆ, ದಿನೇಶ ಗೋಖಲೆ ಮುಂತಾದವರು ಕಲಾವಿದರ ಪರವಾಗಿ ಮಾತನಾಡಿದರು. ಗುರುತೀರ್ಥ ಕೃಷ್ಣ ನಿರೂಪಿಸಿದರು. ಗಣೇಶ ಕಲ್ಲಾಡಿ ಕೃತಜ್ಞತೆ ಸಲ್ಲಿಸಿದರು.
ನೇಜಾರು ತಾಯಿಮಕ್ಕಳ ಹತ್ಯೆ ಪ್ರಕರಣ:
ಸಾಕ್ಷ್ಯ ನುಡಿದ ಕುಟುಂಬದ ಯಜಮಾನ, ಮಗ!
ಉಡುಪಿ- ನೇಜಾರು ತಾಯಿ ಮತ್ತು ಮೂವರು ಮಕ್ಕಳ ಹತ್ಯೆ ಪ್ರಕರಣಕ್ಕೆ ಸಂಬಂಧಿಸಿ ಕುಟುಂಬದ ಯಜಮಾನ ಹಾಗೂ ಮೃತರ ಮಗ ನ್ಯಾಯಾಲಯದ ಮುಂದೆ ಸಾಕ್ಷ್ಯ ನುಡಿದಿದ್ದಾರೆ. ಉಡುಪಿ ಜಿಲ್ಲಾ ಮತ್ತು ಸತ್ರ ನ್ಯಾಯಾಲಯದಲ್ಲಿ ವಿಚಾರಣೆ ನಡೆಯಿತು. ಮೃತ ಹಸೀನಾರ ಪತಿ ನೂರ್ ಮುಹಮ್ಮದ್, ಅವರ ಮಗ ಅಸದ್ ಮತ್ತು ಸರಕಾರಿ ಪರ ಅಭಿಯೋಜಕರ ವಾದದ ನಂತರ ನ್ಯಾಯಾಧೀಶರು ವಿಚಾರಣೆ ಮುಂದೂಡಿದರು. ಶಿವಪ್ರಸಾದ್ ಆಳ್ವ ಸಾಕ್ಷಿಗಳ ಮುಖ್ಯ ವಿಚಾರಣೆ ನಡೆಸಿದರೆ, ಆರೋಪಿ ಪರ ವಕೀಲರು ಪಾಟೀಸವಾಲು ನಡೆಸಿದರು. ಡಿ.17 ಮತ್ತು 18ರಂದು ಒಟ್ಟು 10-12 ಸಾಕ್ಷಿಗಳ ವಿಚಾರಣೆಗೆ ದಿನಾಂಕ ನಿಗದಿ ಪಡಿಸಿ ನ್ಯಾಯಾಧೀಶರು ಆದೇಶ ನೀಡಿದರು.
ಉಡುಪಿ- ನೇಜಾರು ತಾಯಿ ಮತ್ತು ಮೂವರು ಮಕ್ಕಳ ಹತ್ಯೆ ಪ್ರಕರಣಕ್ಕೆ ಸಂಬಂಧಿಸಿ ಕುಟುಂಬದ ಯಜಮಾನ ಹಾಗೂ ಮೃತರ ಮಗ ನ್ಯಾಯಾಲಯದ ಮುಂದೆ ಸಾಕ್ಷ್ಯ ನುಡಿದಿದ್ದಾರೆ. ಉಡುಪಿ ಜಿಲ್ಲಾ ಮತ್ತು ಸತ್ರ ನ್ಯಾಯಾಲಯದಲ್ಲಿ ವಿಚಾರಣೆ ನಡೆಯಿತು. ಮೃತ ಹಸೀನಾರ ಪತಿ ನೂರ್ ಮುಹಮ್ಮದ್, ಅವರ ಮಗ ಅಸದ್ ಮತ್ತು ಸರಕಾರಿ ಪರ ಅಭಿಯೋಜಕರ ವಾದದ ನಂತರ ನ್ಯಾಯಾಧೀಶರು ವಿಚಾರಣೆ ಮುಂದೂಡಿದರು. ಶಿವಪ್ರಸಾದ್ ಆಳ್ವ ಸಾಕ್ಷಿಗಳ ಮುಖ್ಯ ವಿಚಾರಣೆ ನಡೆಸಿದರೆ, ಆರೋಪಿ ಪರ ವಕೀಲರು ಪಾಟೀಸವಾಲು ನಡೆಸಿದರು. ಡಿ.17 ಮತ್ತು 18ರಂದು ಒಟ್ಟು 10-12
ಉಜಿರೆ: ಧರ್ಮಸ್ಥಳದಲ್ಲಿ ಲಕ್ಷದೀಪೋತ್ಸವದ ಸಂದರ್ಭ ಶನಿವಾರ ರಾತ್ರಿ ಹೊಸಕಟ್ಟೆ ಉತ್ಸವ ನಡೆಯಿತು. ಸಾವಿರಾರು ಭಕ್ತರು ಶ್ರದ್ಧಾ-ಭಕ್ತಿಯಿಂದ ಉತ್ಸವ ವೀಕ್ಷಿಸಿ ಧನ್ಯತೆಯನ್ನು ಹೊಂದಿದರು.
Edited, Printed and Published by B.T. Amuthan at Nireshwalya Cross Road, Goods Shed Road, Bander, Mangalore-575 001. For M/s Karnataka News Publications (P) Ltd., and
Printed at Sanjevani, Nireshwalya Cross Road, Goods Shed Road, Bander, Mangalore-575 001. RNI KARKAN/2004/14701
